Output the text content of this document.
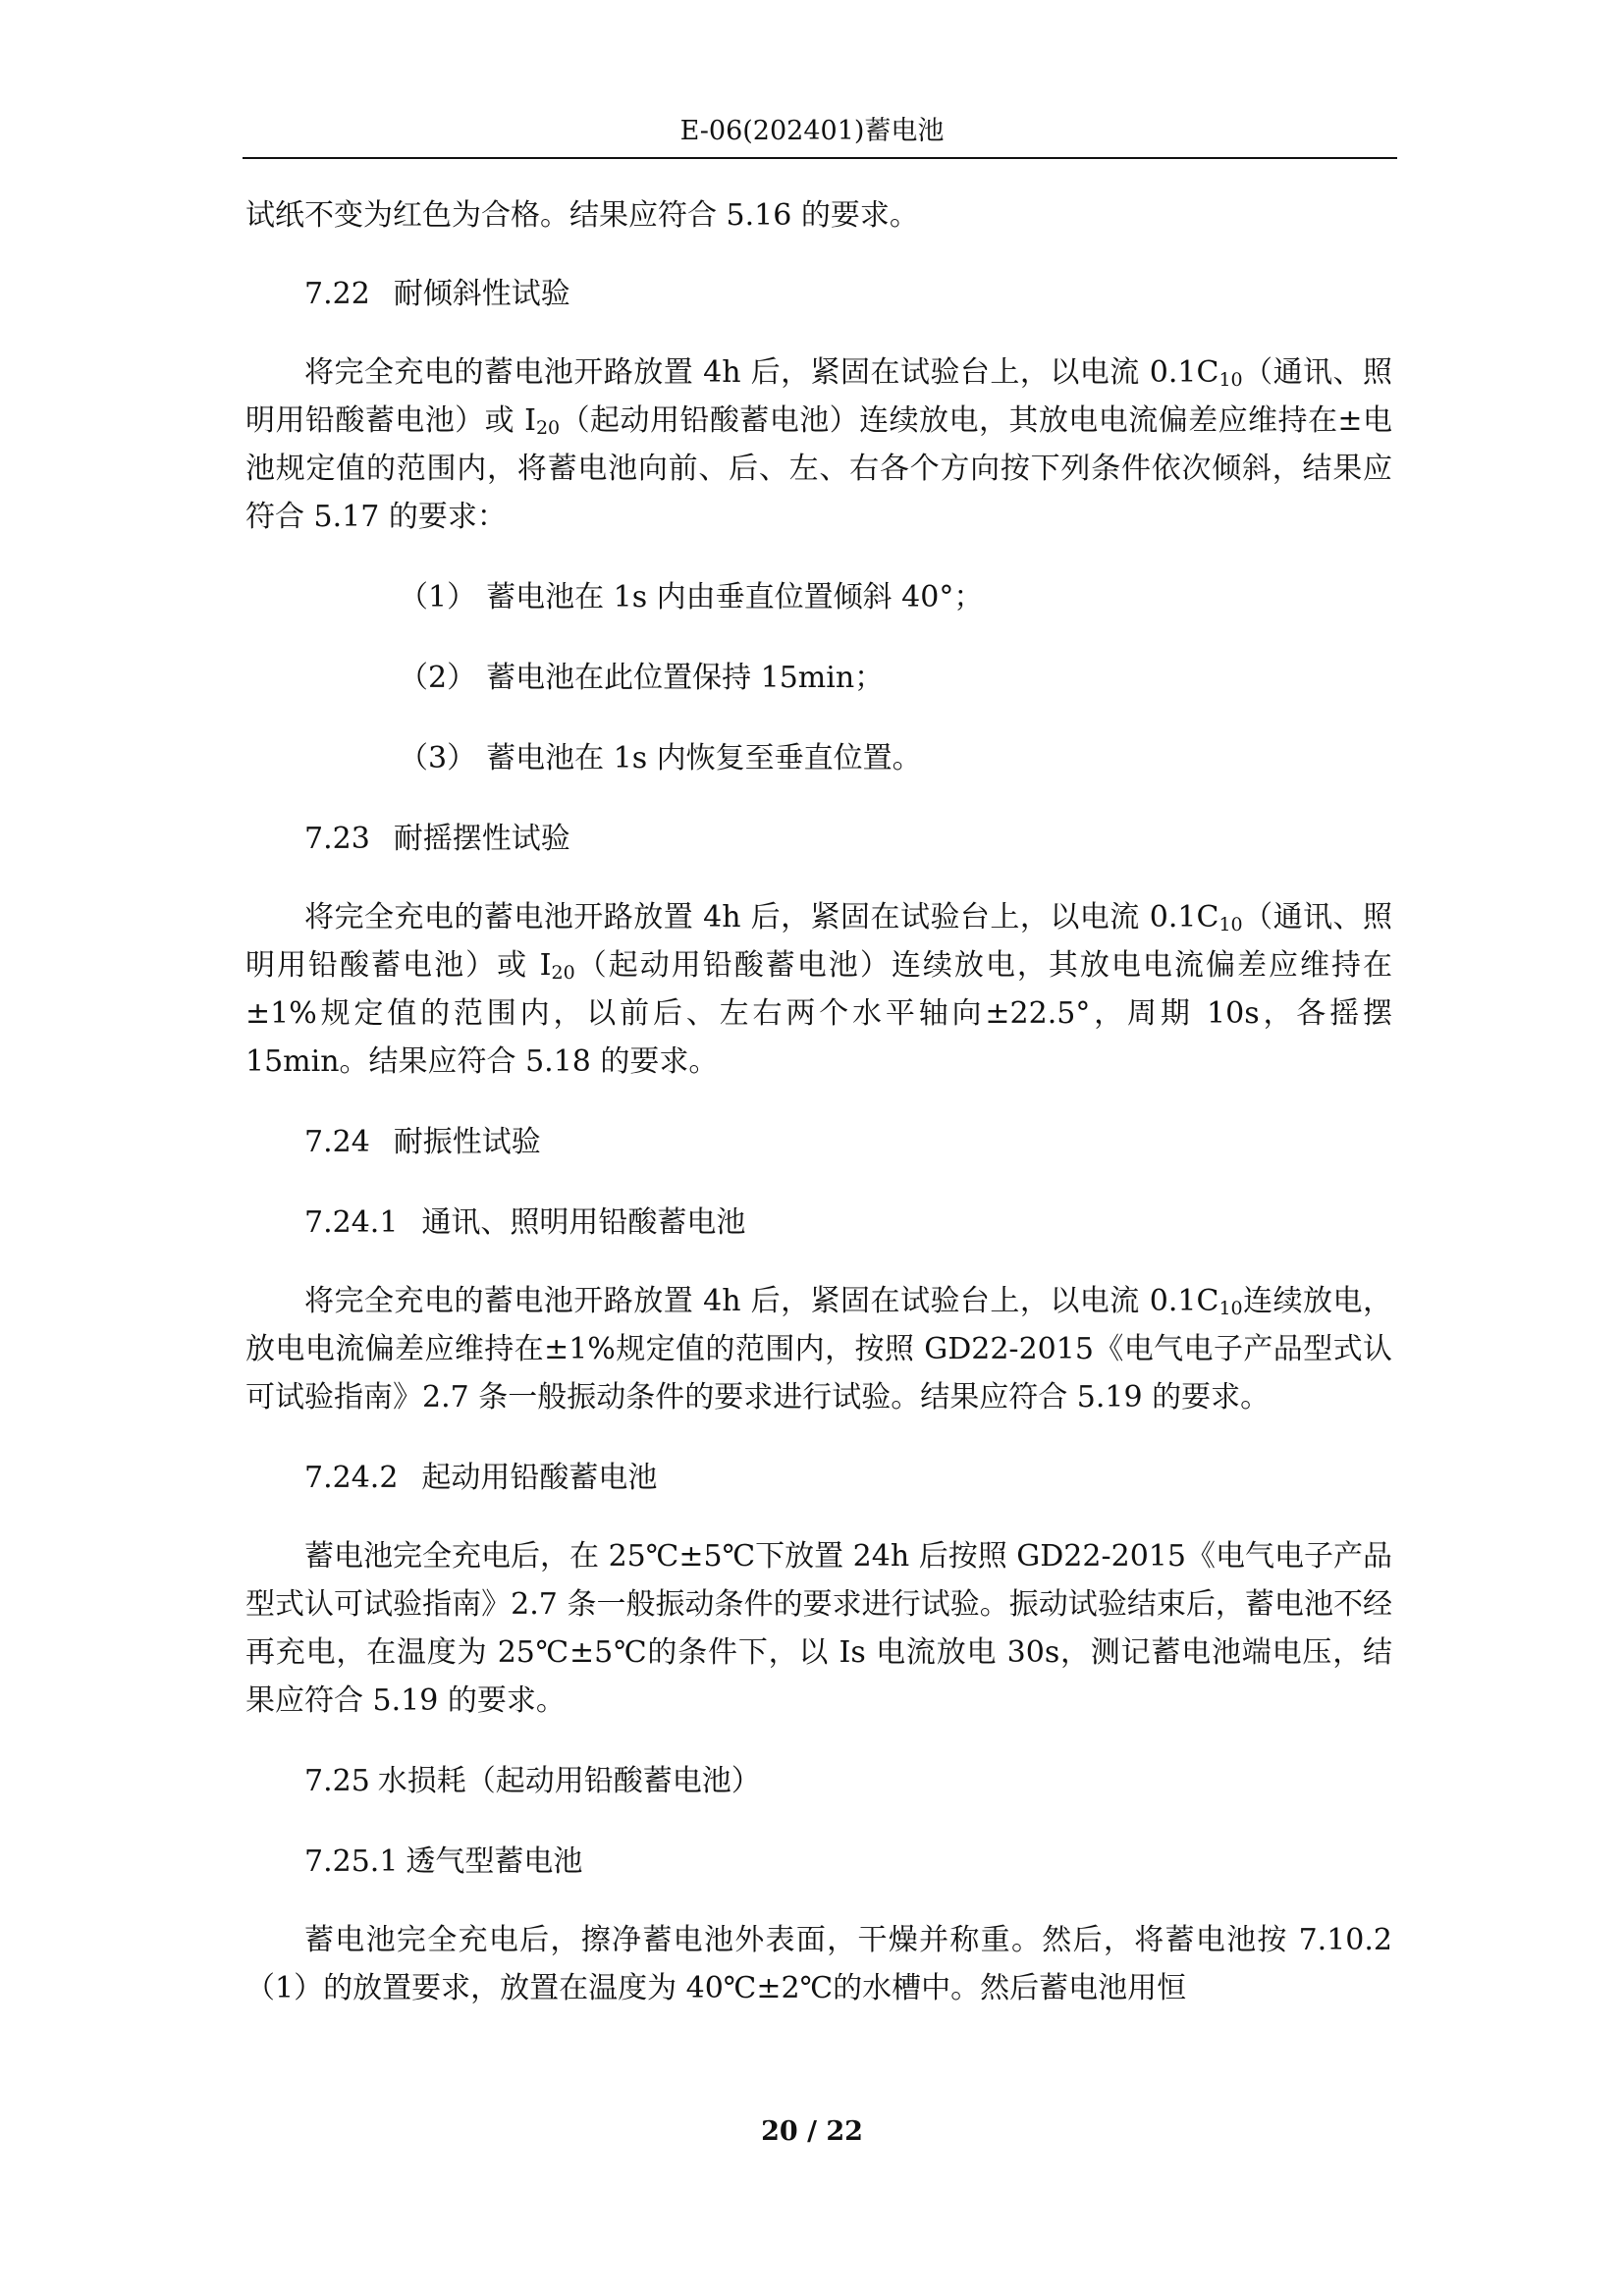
E-06(202401)蓄电池

试纸不变为红色为合格。结果应符合 5.16 的要求。

7.22 耐倾斜性试验

将完全充电的蓄电池开路放置 4h 后，紧固在试验台上，以电流 $0.1C_{10}$（通讯、照明用铅酸蓄电池）或 $I_{20}$（起动用铅酸蓄电池）连续放电，其放电电流偏差应维持在±电池规定值的范围内，将蓄电池向前、后、左、右各个方向按下列条件依次倾斜，结果应符合 5.17 的要求：

（1） 蓄电池在 1s 内由垂直位置倾斜 40°；

（2） 蓄电池在此位置保持 15min；

（3） 蓄电池在 1s 内恢复至垂直位置。

7.23 耐摇摆性试验

将完全充电的蓄电池开路放置 4h 后，紧固在试验台上，以电流 $0.1C_{10}$（通讯、照明用铅酸蓄电池）或 $I_{20}$（起动用铅酸蓄电池）连续放电，其放电电流偏差应维持在±1%规定值的范围内，以前后、左右两个水平轴向±22.5°，周期 10s，各摇摆 15min。结果应符合 5.18 的要求。

7.24 耐振性试验

7.24.1 通讯、照明用铅酸蓄电池

将完全充电的蓄电池开路放置 4h 后，紧固在试验台上，以电流 $0.1C_{10}$连续放电，放电电流偏差应维持在±1%规定值的范围内，按照 GD22-2015《电气电子产品型式认可试验指南》2.7 条一般振动条件的要求进行试验。结果应符合 5.19 的要求。

7.24.2 起动用铅酸蓄电池

蓄电池完全充电后，在 25℃±5℃下放置 24h 后按照 GD22-2015《电气电子产品型式认可试验指南》2.7 条一般振动条件的要求进行试验。振动试验结束后，蓄电池不经再充电，在温度为 25℃±5℃的条件下，以 Is 电流放电 30s，测记蓄电池端电压，结果应符合 5.19 的要求。

7.25 水损耗（起动用铅酸蓄电池）

7.25.1 透气型蓄电池

蓄电池完全充电后，擦净蓄电池外表面，干燥并称重。然后，将蓄电池按 7.10.2（1）的放置要求，放置在温度为 40℃±2℃的水槽中。然后蓄电池用恒

20 / 22
